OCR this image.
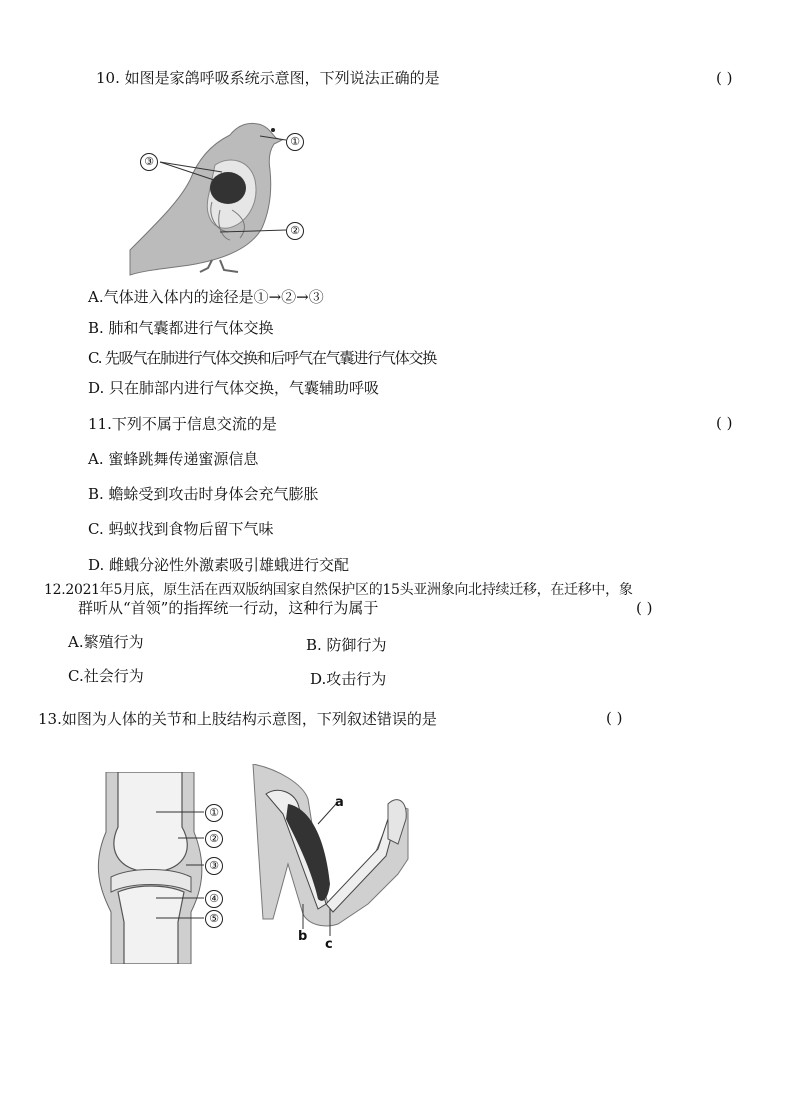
10. 如图是家鸽呼吸系统示意图，下列说法正确的是	( )
①
②
③
A.气体进入体内的途径是①→②→③
B. 肺和气囊都进行气体交换
C. 先吸气在肺进行气体交换和后呼气在气囊进行气体交换
D. 只在肺部内进行气体交换，气囊辅助呼吸
11.下列不属于信息交流的是	( )
A. 蜜蜂跳舞传递蜜源信息
B. 蟾蜍受到攻击时身体会充气膨胀
C. 蚂蚁找到食物后留下气味
D. 雌蛾分泌性外激素吸引雄蛾进行交配
12.2021年5月底，原生活在西双版纳国家自然保护区的15头亚洲象向北持续迁移，在迁移中，象
群听从“首领”的指挥统一行动，这种行为属于	( )
A.繁殖行为	B. 防御行为
C.社会行为	D.攻击行为
13.如图为人体的关节和上肢结构示意图，下列叙述错误的是	( )
①
②
③
④
⑤
a
b
c
